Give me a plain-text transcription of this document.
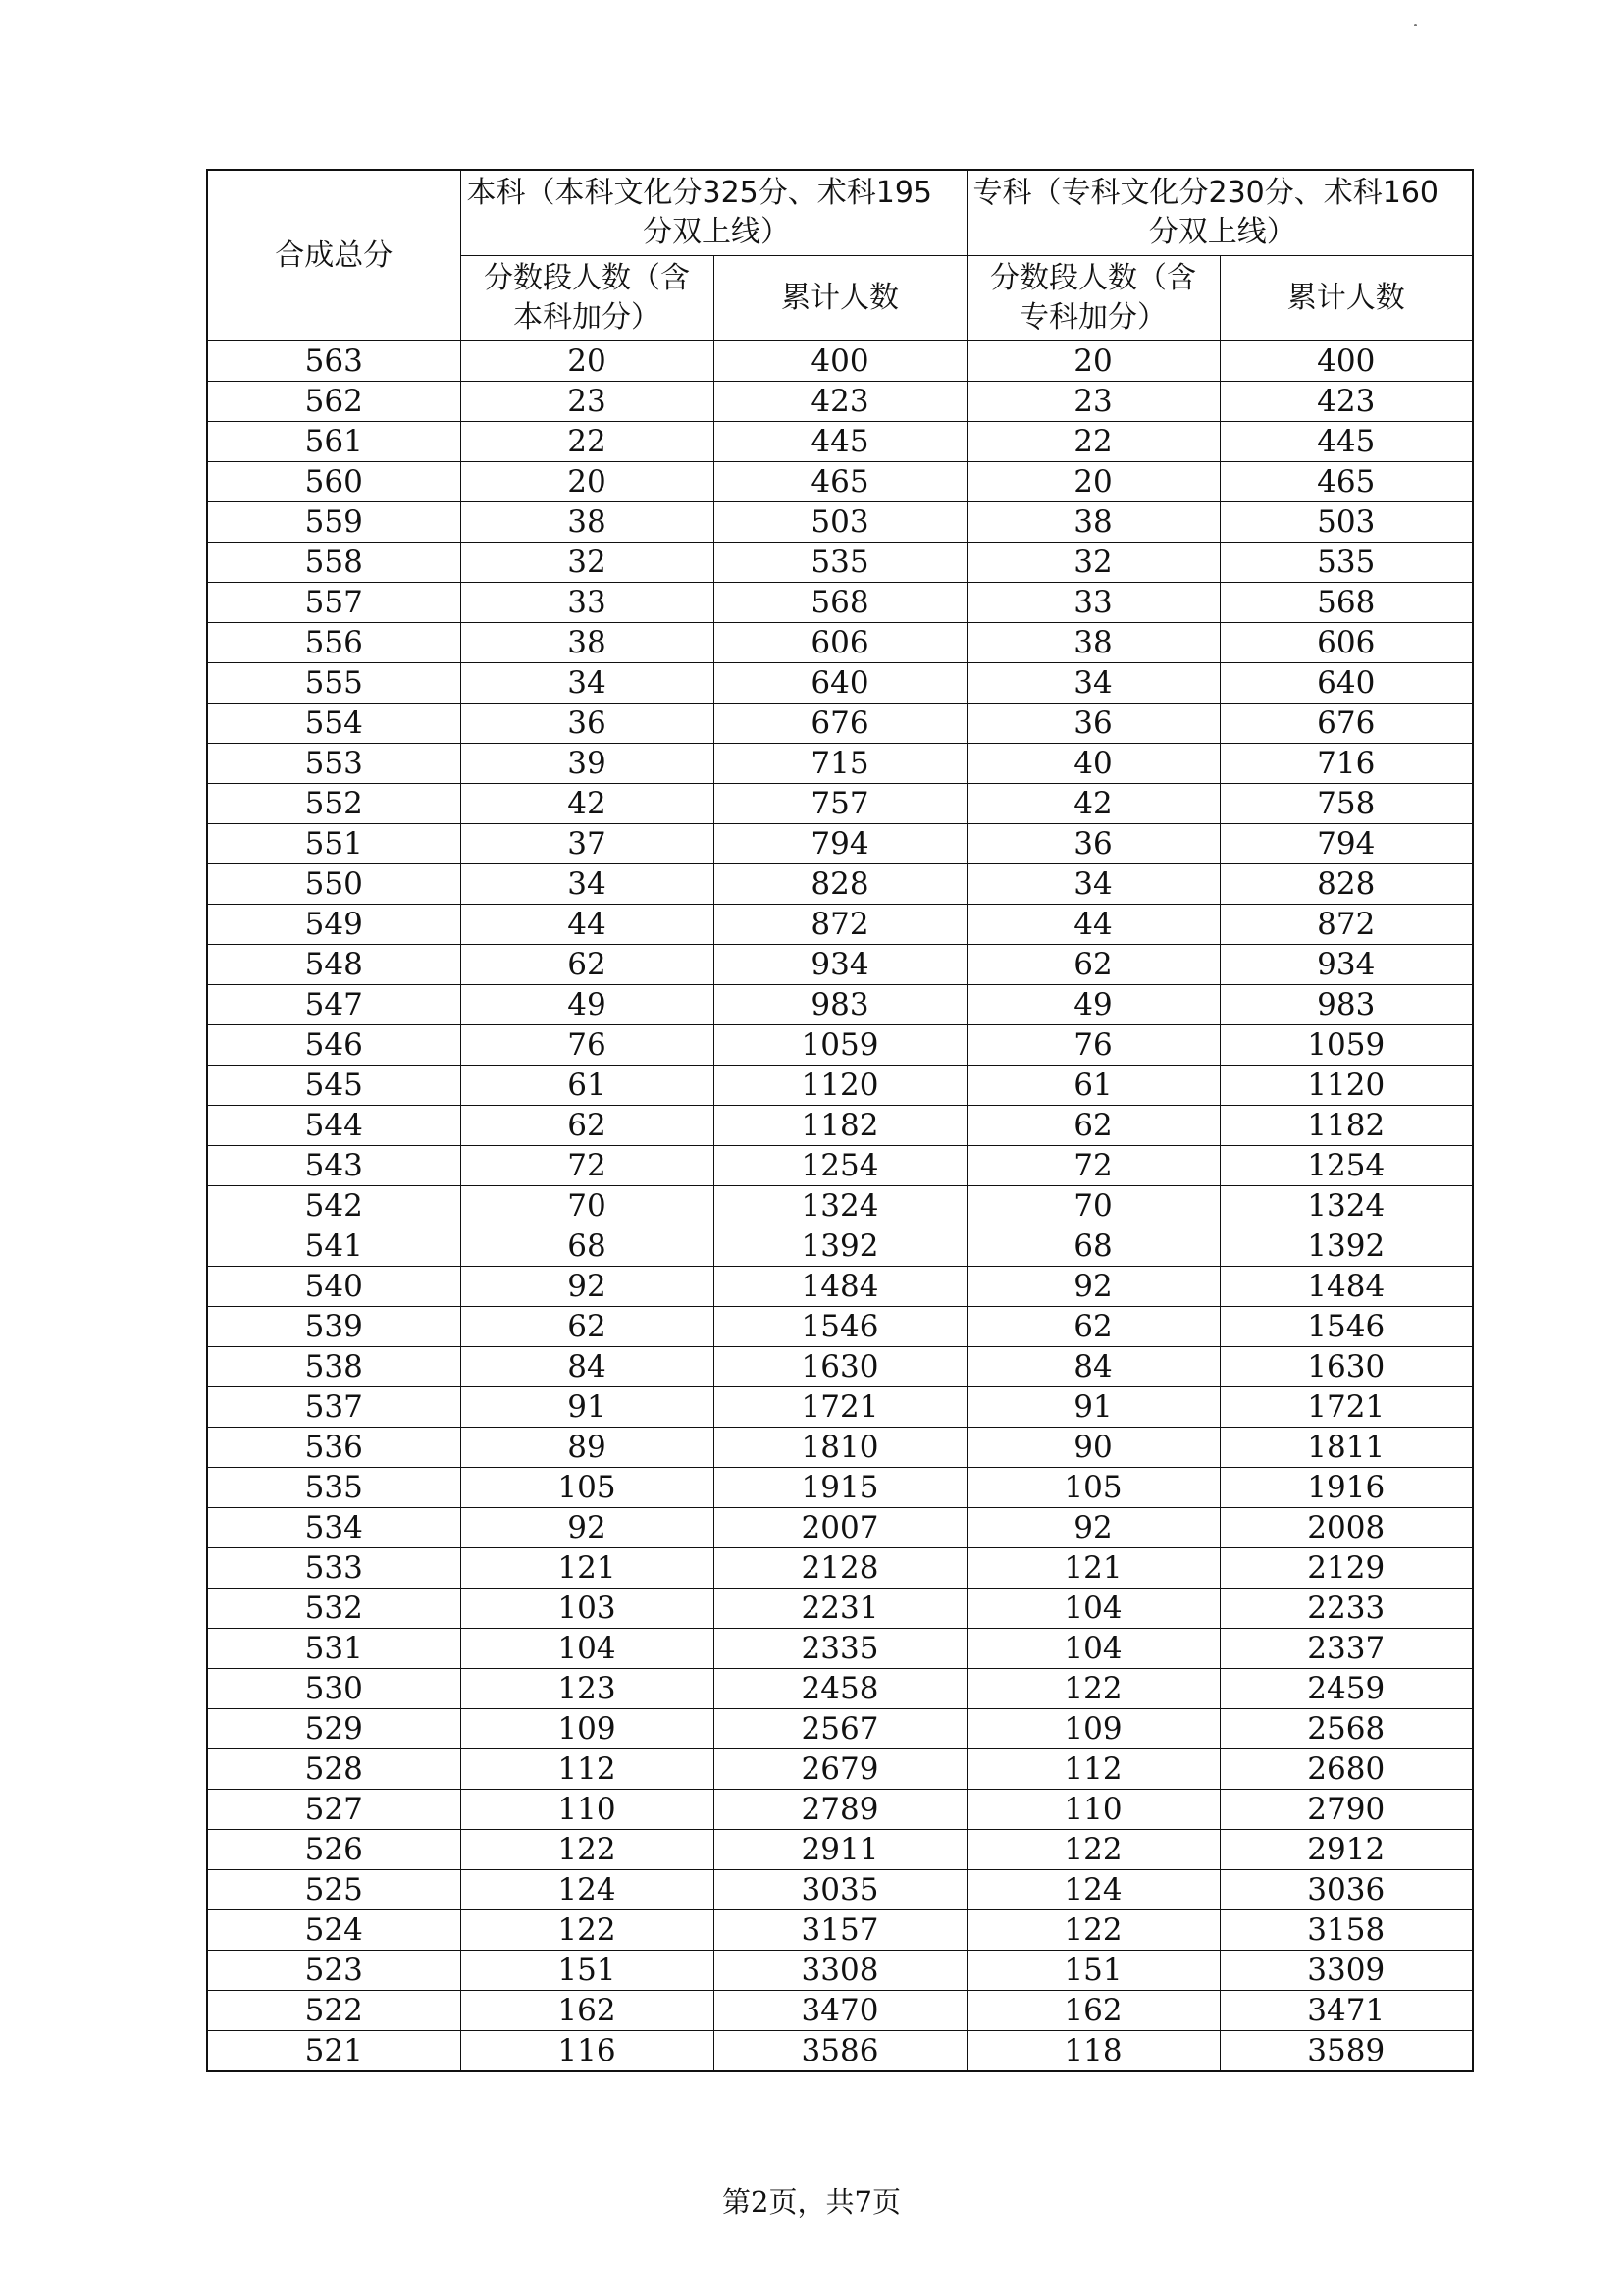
合成总分	本科（本科文化分325分、术科195
分双上线）		专科（专科文化分230分、术科160
分双上线）	

	分数段人数（含
本科加分）	累计人数	分数段人数（含
专科加分）	累计人数
563	20	400	20	400
562	23	423	23	423
561	22	445	22	445
560	20	465	20	465
559	38	503	38	503
558	32	535	32	535
557	33	568	33	568
556	38	606	38	606
555	34	640	34	640
554	36	676	36	676
553	39	715	40	716
552	42	757	42	758
551	37	794	36	794
550	34	828	34	828
549	44	872	44	872
548	62	934	62	934
547	49	983	49	983
546	76	1059	76	1059
545	61	1120	61	1120
544	62	1182	62	1182
543	72	1254	72	1254
542	70	1324	70	1324
541	68	1392	68	1392
540	92	1484	92	1484
539	62	1546	62	1546
538	84	1630	84	1630
537	91	1721	91	1721
536	89	1810	90	1811
535	105	1915	105	1916
534	92	2007	92	2008
533	121	2128	121	2129
532	103	2231	104	2233
531	104	2335	104	2337
530	123	2458	122	2459
529	109	2567	109	2568
528	112	2679	112	2680
527	110	2789	110	2790
526	122	2911	122	2912
525	124	3035	124	3036
524	122	3157	122	3158
523	151	3308	151	3309
522	162	3470	162	3471
521	116	3586	118	3589
第2页，共7页
